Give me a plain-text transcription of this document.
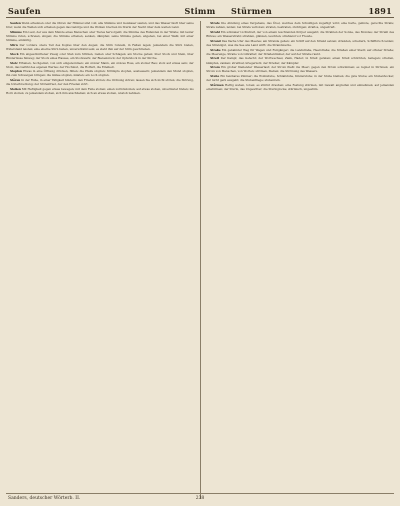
Saufen	Stimm Stürmen	1891

Saufen Wenn erkennen oder die Ohren der Himmel sind voll; alle Stämme und Gewässer saufen, und das Wasser läuft über seine Ufer, wenn die Wellen sich erheben gegen das Gebirge und die Wolken brechen im Sturm der Nacht über dem weiten Land.

Stimme Ein Laut, der aus dem Munde eines Menschen oder Tieres hervorgeht; die Stimme des Rufenden in der Wüste; mit lauter Stimme rufen, schreien, singen; die Stimme erheben, senken, dämpfen; seine Stimme geben, abgeben, bei einer Wahl; mit einer Stimme, einmütig.

Stirn Der vordere obere Teil des Kopfes über den Augen; die Stirn runzeln, in Falten legen; jemandem die Stirn bieten, Widerstand leisten; eine eherne Stirn haben, unverschämt sein; es steht ihm auf der Stirn geschrieben.

Stock Ein abgeschnittener Zweig oder Stab zum Stützen, Gehen oder Schlagen; am Stocke gehen; über Stock und Stein, über Hindernisse hinweg; der Stock eines Hauses, ein Stockwerk; der Bienenstock; der Opferstock in der Kirche.

Stolz Erhaben, hochgemut, von sich eingenommen; ein stolzer Mann, ein stolzes Ross, ein stolzer Bau; stolz auf etwas sein; der Stolz, das Gefühl des eigenen Wertes; der Hochmut, die Hoffart, die Eitelkeit.

Stopfen Etwas in eine Öffnung drücken, füllen; die Pfeife stopfen; Strümpfe stopfen, ausbessern; jemandem den Mund stopfen, ihn zum Schweigen bringen; die Gänse stopfen, mästen; ein Loch stopfen.

Stören In der Ruhe, in einer Tätigkeit hindern; den Frieden stören; die Ordnung stören; lassen Sie sich nicht stören; die Störung, die Unterbrechung; der Störenfried, der den Frieden stört.

Stoßen Mit Heftigkeit gegen etwas bewegen; mit dem Fuße stoßen; einen zurückstoßen; auf etwas stoßen, unvermutet finden; ins Horn stoßen; zu jemandem stoßen, sich ihm anschließen; sich an etwas stoßen, Anstoß nehmen.

Strafe Die Ahndung eines Vergehens, das Übel, welches dem Schuldigen zugefügt wird; eine harte, gelinde, gerechte Strafe; Strafe zahlen, leiden; bei Strafe verboten; strafen, bestrafen, züchtigen; straflos, ungestraft.

Strahl Ein schmaler Lichtstreif, der von einem leuchtenden Körper ausgeht; die Strahlen der Sonne, des Mondes; der Strahl des Blitzes; ein Wasserstrahl; strahlen, glänzen, leuchten; strahlend vor Freude.

Strand Das flache Ufer des Meeres; am Strande gehen; ein Schiff auf den Strand setzen; stranden, scheitern, Schiffbruch leiden; das Strandgut, was die See ans Land wirft; die Strandwache.

Straße Ein gebahnter Weg für Wagen und Fußgänger; die Landstraße, Heerstraße; die Straßen einer Stadt; auf offener Straße; die Meerenge, Straße von Gibraltar; der Straßenräuber, der auf der Straße raubt.

Streit Der Kampf, das Gefecht; der Wortwechsel, Zank, Hader; in Streit geraten; einen Streit schlichten, beilegen; streiten, kämpfen, zanken; streitbar, kriegerisch; der Streiter, der Kämpfer.

Strom Ein großer fließender Wasserlauf; der Strom fließt ins Meer; gegen den Strom schwimmen; es regnet in Strömen; ein Strom von Menschen, von Worten; strömen, fließen; die Strömung des Wassers.

Stube Ein heizbares Zimmer; die Wohnstube, Schlafstube, Kinderstube; in der Stube bleiben; die gute Stube; ein Stubenhocker, der nicht gern ausgeht; die Stubenfliege; stubenrein.

Stürmen Heftig wehen, toben; es stürmt draußen; eine Festung stürmen, mit Gewalt angreifen und einnehmen; auf jemanden einstürmen; der Sturm, das Ungewitter; die Sturmglocke; stürmisch, ungestüm.

Sanders, deutscher Wörterb. II.	238
